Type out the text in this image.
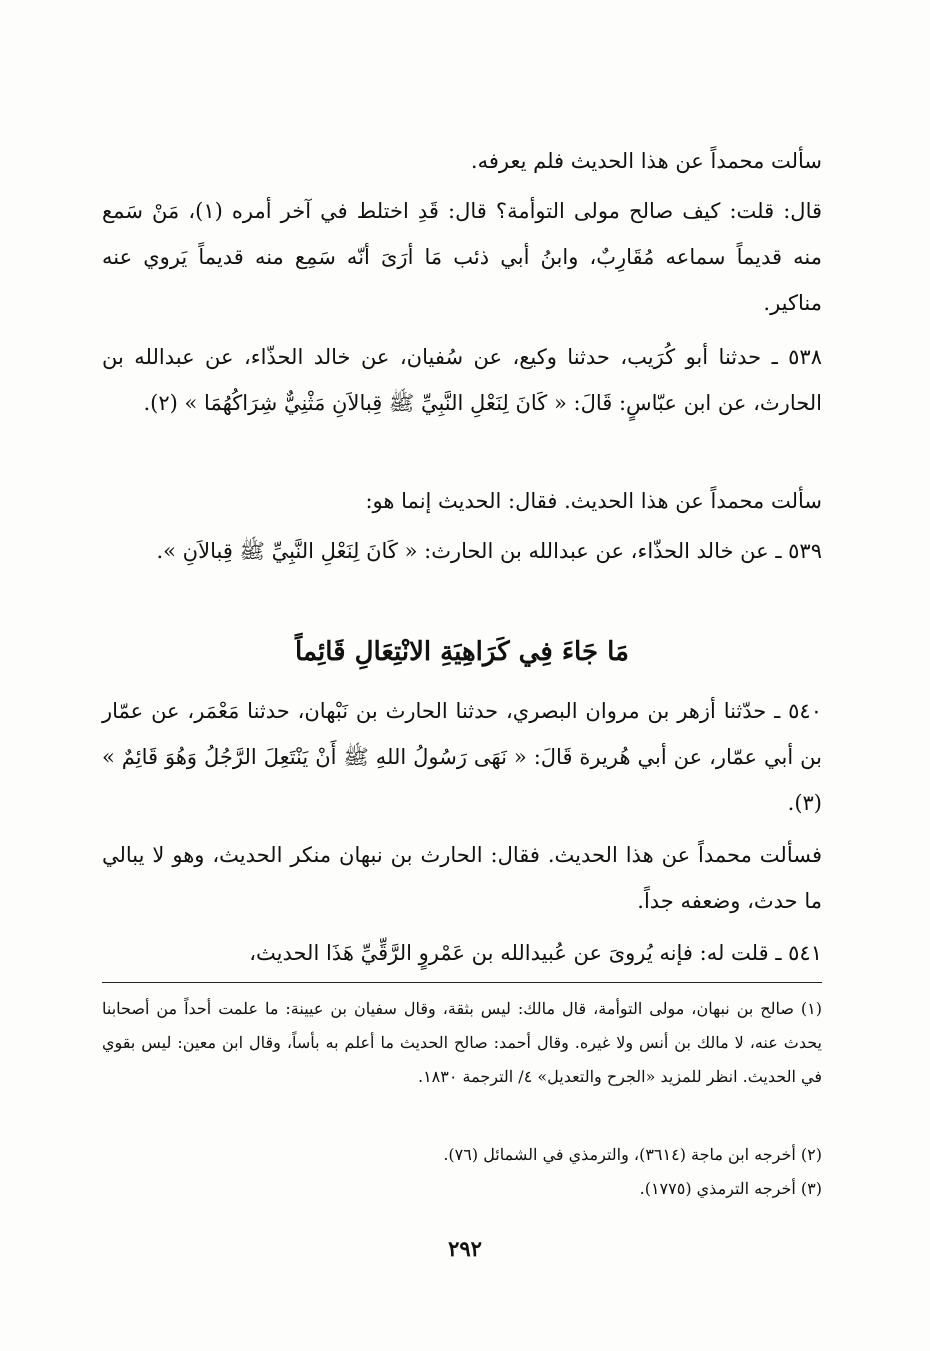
سألت محمداً عن هذا الحديث فلم يعرفه.

قال: قلت: كيف صالح مولى التوأمة؟ قال: قَدِ اختلط في آخر أمره (١)، مَنْ سَمع منه قديماً سماعه مُقَارِبٌ، وابنُ أبي ذئب مَا أرَىَ أنّه سَمِع منه قديماً يَروي عنه مناكير.

٥٣٨ ـ حدثنا أبو كُرَيب، حدثنا وكيع، عن سُفيان، عن خالد الحذّاء، عن عبدالله بن الحارث، عن ابن عبّاسٍ: قَالَ: « كَانَ لِنَعْلِ النَّبِيِّ ﷺ قِبالاَنِ مَثْنِيٌّ شِرَاكُهُمَا » (٢).

سألت محمداً عن هذا الحديث. فقال: الحديث إنما هو:

٥٣٩ ـ عن خالد الحذّاء، عن عبدالله بن الحارث: « كَانَ لِنَعْلِ النَّبِيِّ ﷺ قِبالاَنِ ».

مَا جَاءَ فِي كَرَاهِيَةِ الانْتِعَالِ قَائِماً

٥٤٠ ـ حدّثنا أزهر بن مروان البصري، حدثنا الحارث بن نَبْهان، حدثنا مَعْمَر، عن عمّار بن أبي عمّار، عن أبي هُريرة قَالَ: « نَهَى رَسُولُ اللهِ ﷺ أَنْ يَنْتَعِلَ الرَّجُلُ وَهُوَ قَائِمٌ » (٣).

فسألت محمداً عن هذا الحديث. فقال: الحارث بن نبهان منكر الحديث، وهو لا يبالي ما حدث، وضعفه جداً.

٥٤١ ـ قلت له: فإنه يُروىَ عن عُبيدالله بن عَمْروٍ الرَّقِّيِّ هَذَا الحديث،

(١) صالح بن نبهان، مولى التوأمة، قال مالك: ليس بثقة، وقال سفيان بن عيينة: ما علمت أحداً من أصحابنا يحدث عنه، لا مالك بن أنس ولا غيره. وقال أحمد: صالح الحديث ما أعلم به بأساً، وقال ابن معين: ليس بقوي في الحديث. انظر للمزيد «الجرح والتعديل» ٤/ الترجمة ١٨٣٠.

(٢) أخرجه ابن ماجة (٣٦١٤)، والترمذي في الشمائل (٧٦).

(٣) أخرجه الترمذي (١٧٧٥).

٢٩٢
